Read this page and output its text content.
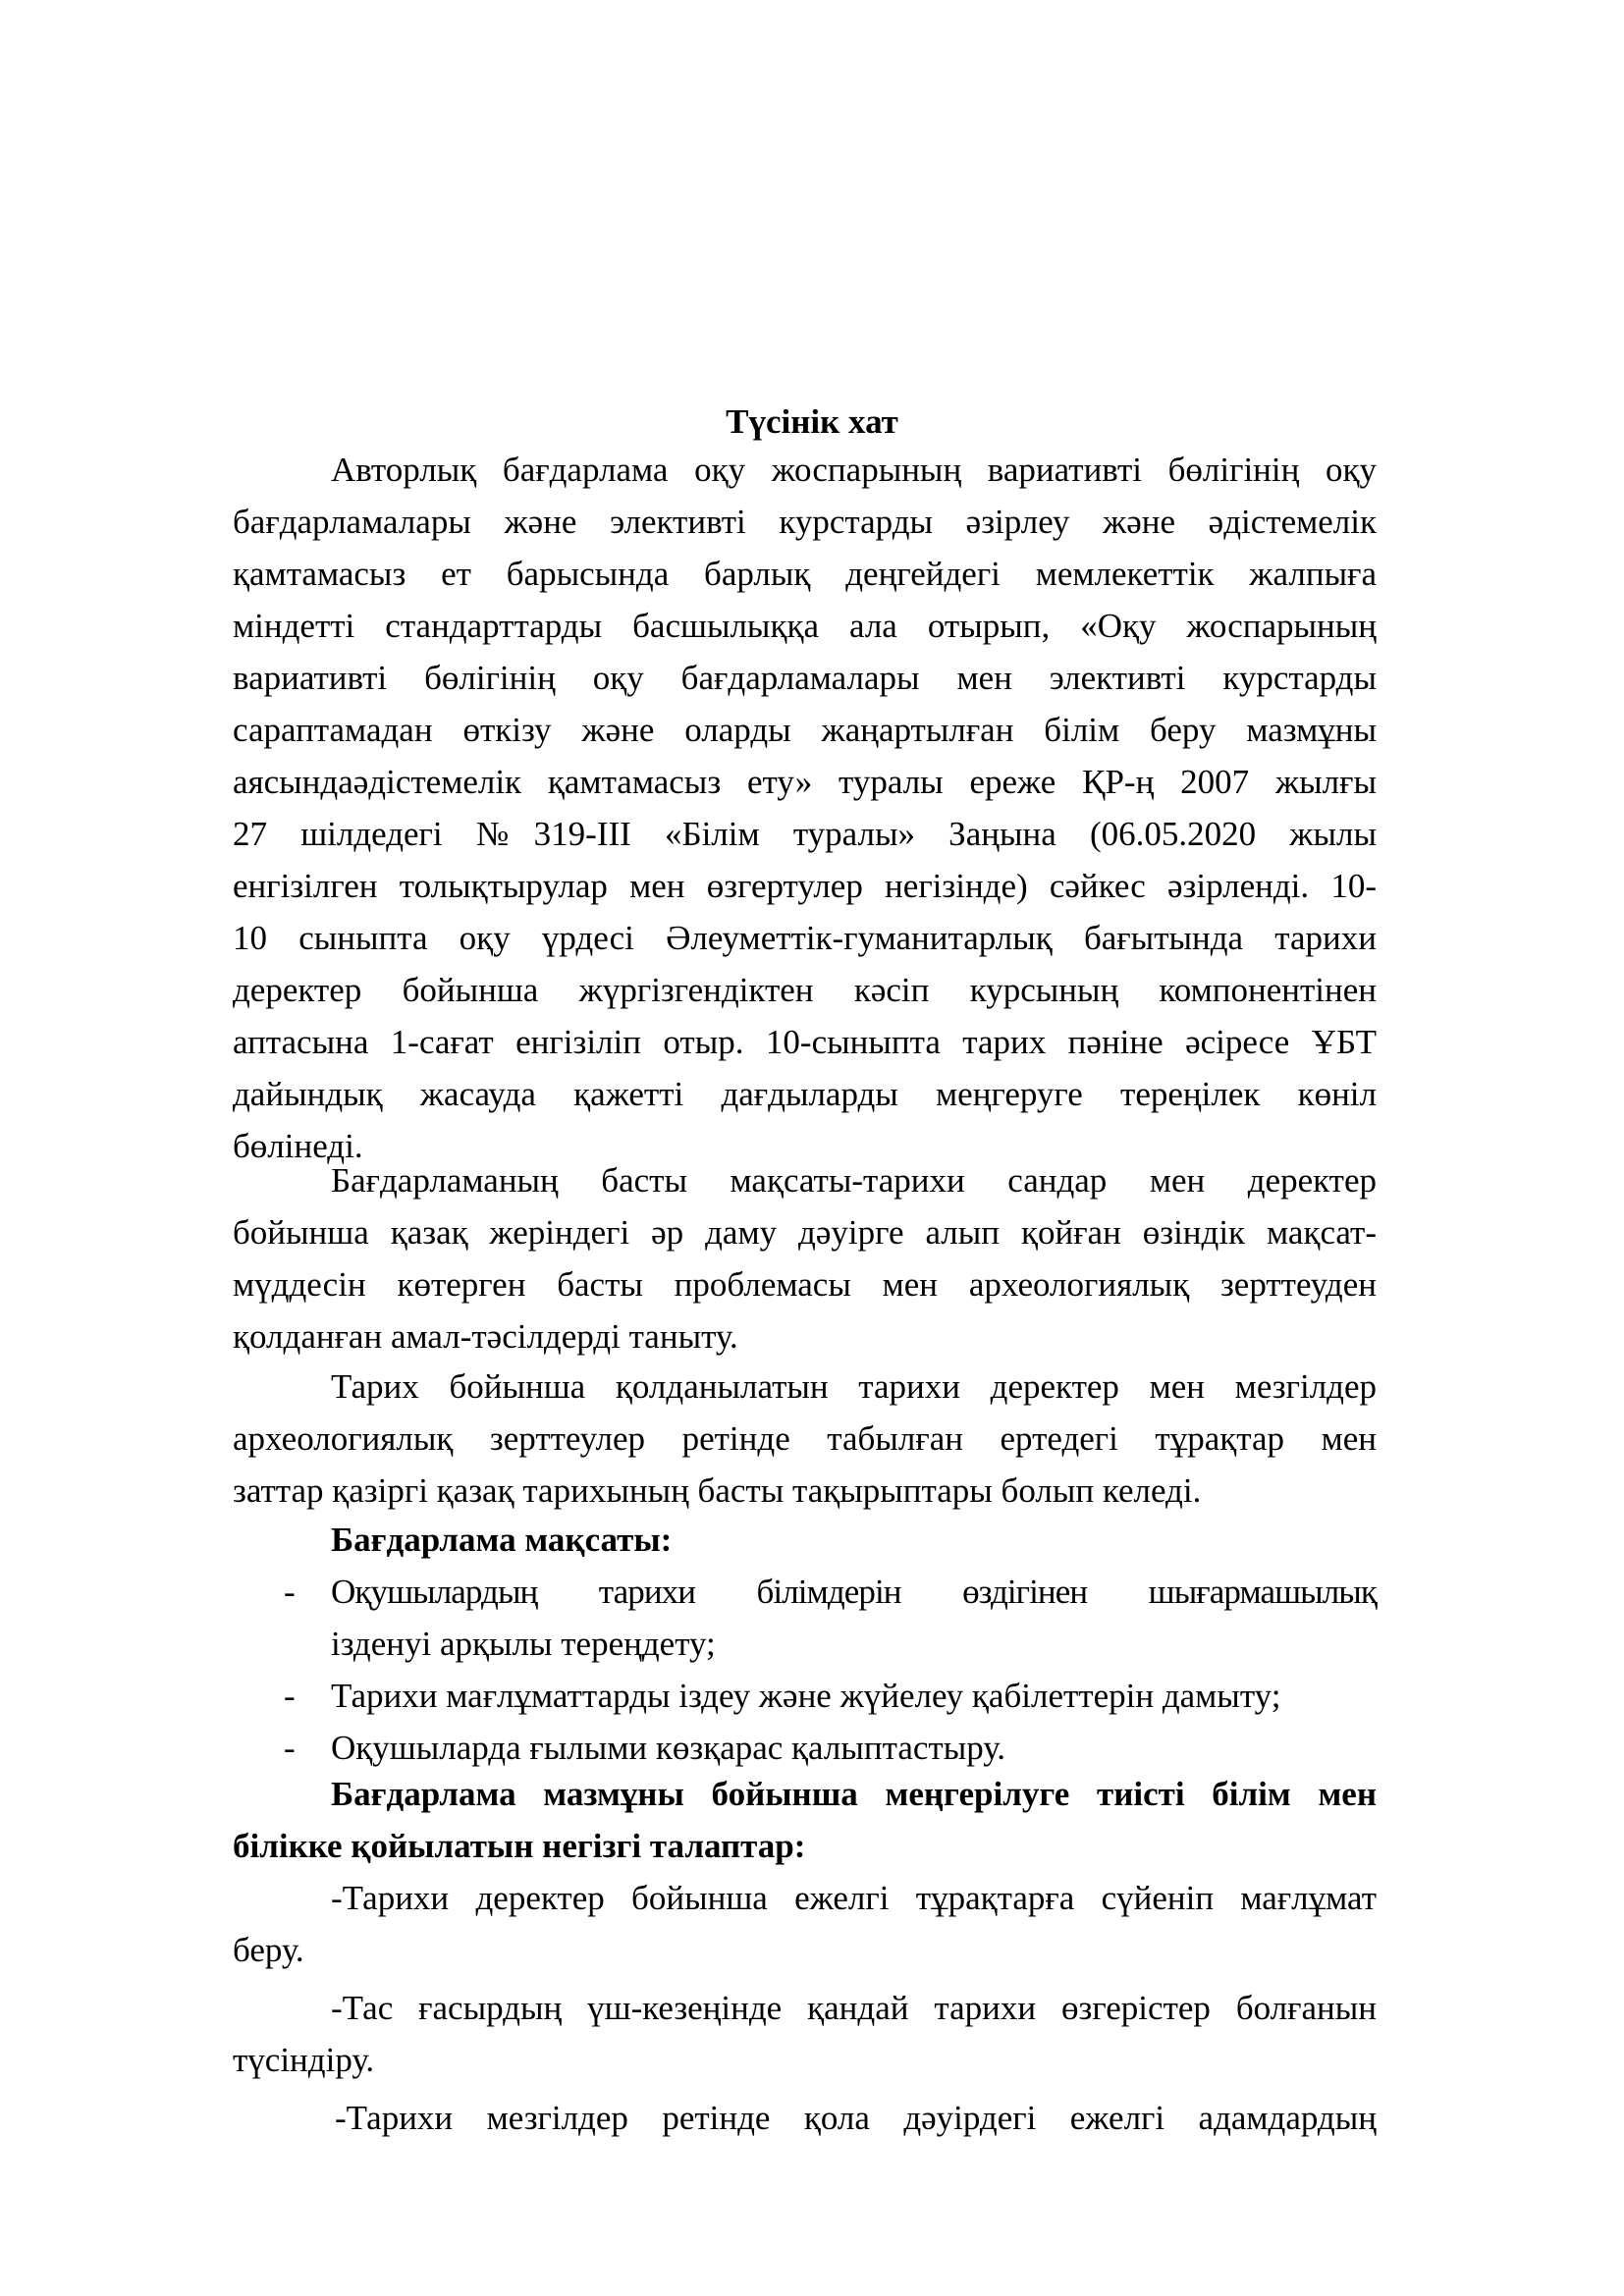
Түсінік хат
Авторлық бағдарлама оқу жоспарының вариативті бөлігінің оқу
бағдарламалары және элективті курстарды әзірлеу және әдістемелік
қамтамасыз ет барысында барлық деңгейдегі мемлекеттік жалпыға
міндетті стандарттарды басшылыққа ала отырып, «Оқу жоспарының
вариативті бөлігінің оқу бағдарламалары мен элективті курстарды
сараптамадан өткізу және оларды жаңартылған білім беру мазмұны
аясындаәдістемелік қамтамасыз ету» туралы ереже ҚР-ң 2007 жылғы
27 шілдедегі №319-ІІІ «Білім туралы» Заңына (06.05.2020 жылы
енгізілген толықтырулар мен өзгертулер негізінде) сәйкес әзірленді. 10-
10 сыныпта оқу үрдесі Әлеуметтік-гуманитарлық бағытында тарихи
деректер бойынша жүргізгендіктен кәсіп курсының компонентінен
аптасына 1-сағат енгізіліп отыр. 10-сыныпта тарих пәніне әсіресе ҰБТ
дайындық жасауда қажетті дағдыларды меңгеруге тереңілек көніл
бөлінеді.
Бағдарламаның басты мақсаты-тарихи сандар мен деректер
бойынша қазақ жеріндегі әр даму дәуірге алып қойған өзіндік мақсат-
мүддесін көтерген басты проблемасы мен археологиялық зерттеуден
қолданған амал-тәсілдерді таныту.
Тарих бойынша қолданылатын тарихи деректер мен мезгілдер
археологиялық зерттеулер ретінде табылған ертедегі тұрақтар мен
заттар қазіргі қазақ тарихының басты тақырыптары болып келеді.
Бағдарлама мақсаты:
- Оқушылардың тарихи білімдерін өздігінен шығармашылық
ізденуі арқылы тереңдету;
- Тарихи мағлұматтарды іздеу және жүйелеу қабілеттерін дамыту;
- Оқушыларда ғылыми көзқарас қалыптастыру.
Бағдарлама мазмұны бойынша меңгерілуге тиісті білім мен
білікке қойылатын негізгі талаптар:
-Тарихи деректер бойынша ежелгі тұрақтарға сүйеніп мағлұмат
беру.
-Тас ғасырдың үш-кезеңінде қандай тарихи өзгерістер болғанын
түсіндіру.
-Тарихи мезгілдер ретінде қола дәуірдегі ежелгі адамдардың
